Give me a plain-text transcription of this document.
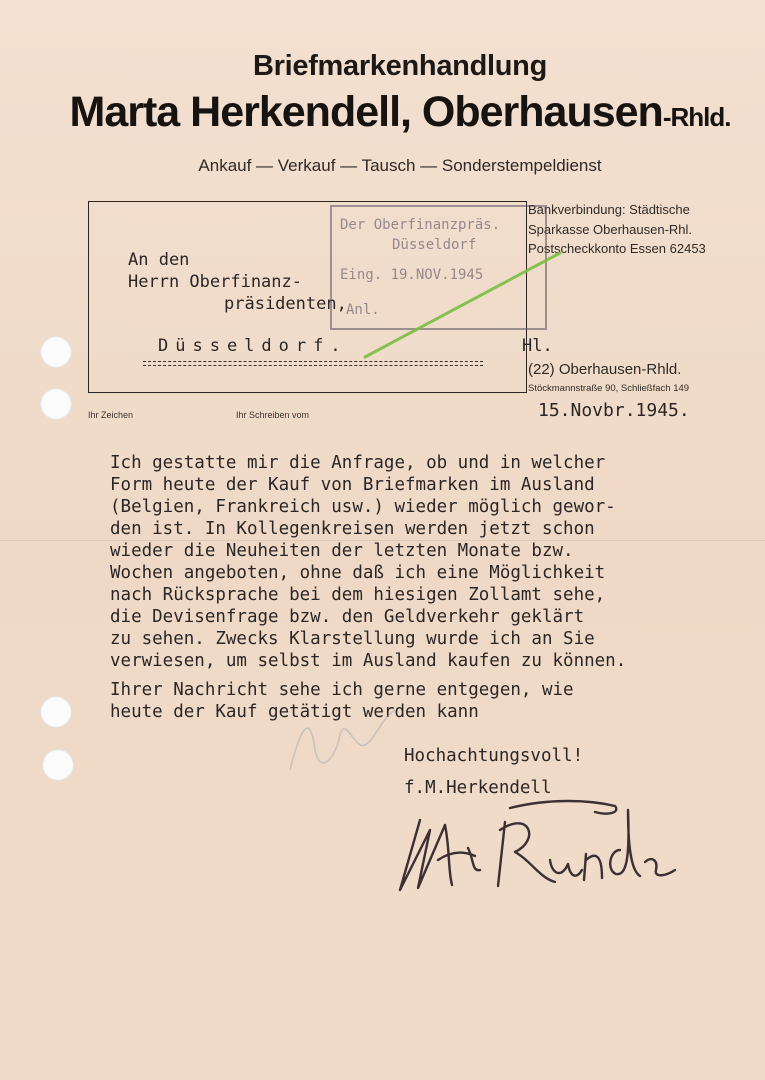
Briefmarkenhandlung
Marta Herkendell, Oberhausen-Rhld.
Ankauf — Verkauf — Tausch — Sonderstempeldienst
Bankverbindung: Städtische
Sparkasse Oberhausen-Rhl.
Postscheckkonto Essen 62453
An den
Herrn Oberfinanz-
präsidenten,
Düsseldorf.	Hl.
Der Oberfinanzpräs.
Düsseldorf
Eing. 19.NOV.1945
Anl.
(22) Oberhausen-Rhld.
Stöckmannstraße 90, Schließfach 149
Ihr Zeichen	Ihr Schreiben vom	15.Novbr.1945.
Ich gestatte mir die Anfrage, ob und in welcher
Form heute der Kauf von Briefmarken im Ausland
(Belgien, Frankreich usw.) wieder möglich gewor-
den ist. In Kollegenkreisen werden jetzt schon
wieder die Neuheiten der letzten Monate bzw.
Wochen angeboten, ohne daß ich eine Möglichkeit
nach Rücksprache bei dem hiesigen Zollamt sehe,
die Devisenfrage bzw. den Geldverkehr geklärt
zu sehen. Zwecks Klarstellung wurde ich an Sie
verwiesen, um selbst im Ausland kaufen zu können.
Ihrer Nachricht sehe ich gerne entgegen, wie
heute der Kauf getätigt werden kann
Hochachtungsvoll!
f.M.Herkendell
